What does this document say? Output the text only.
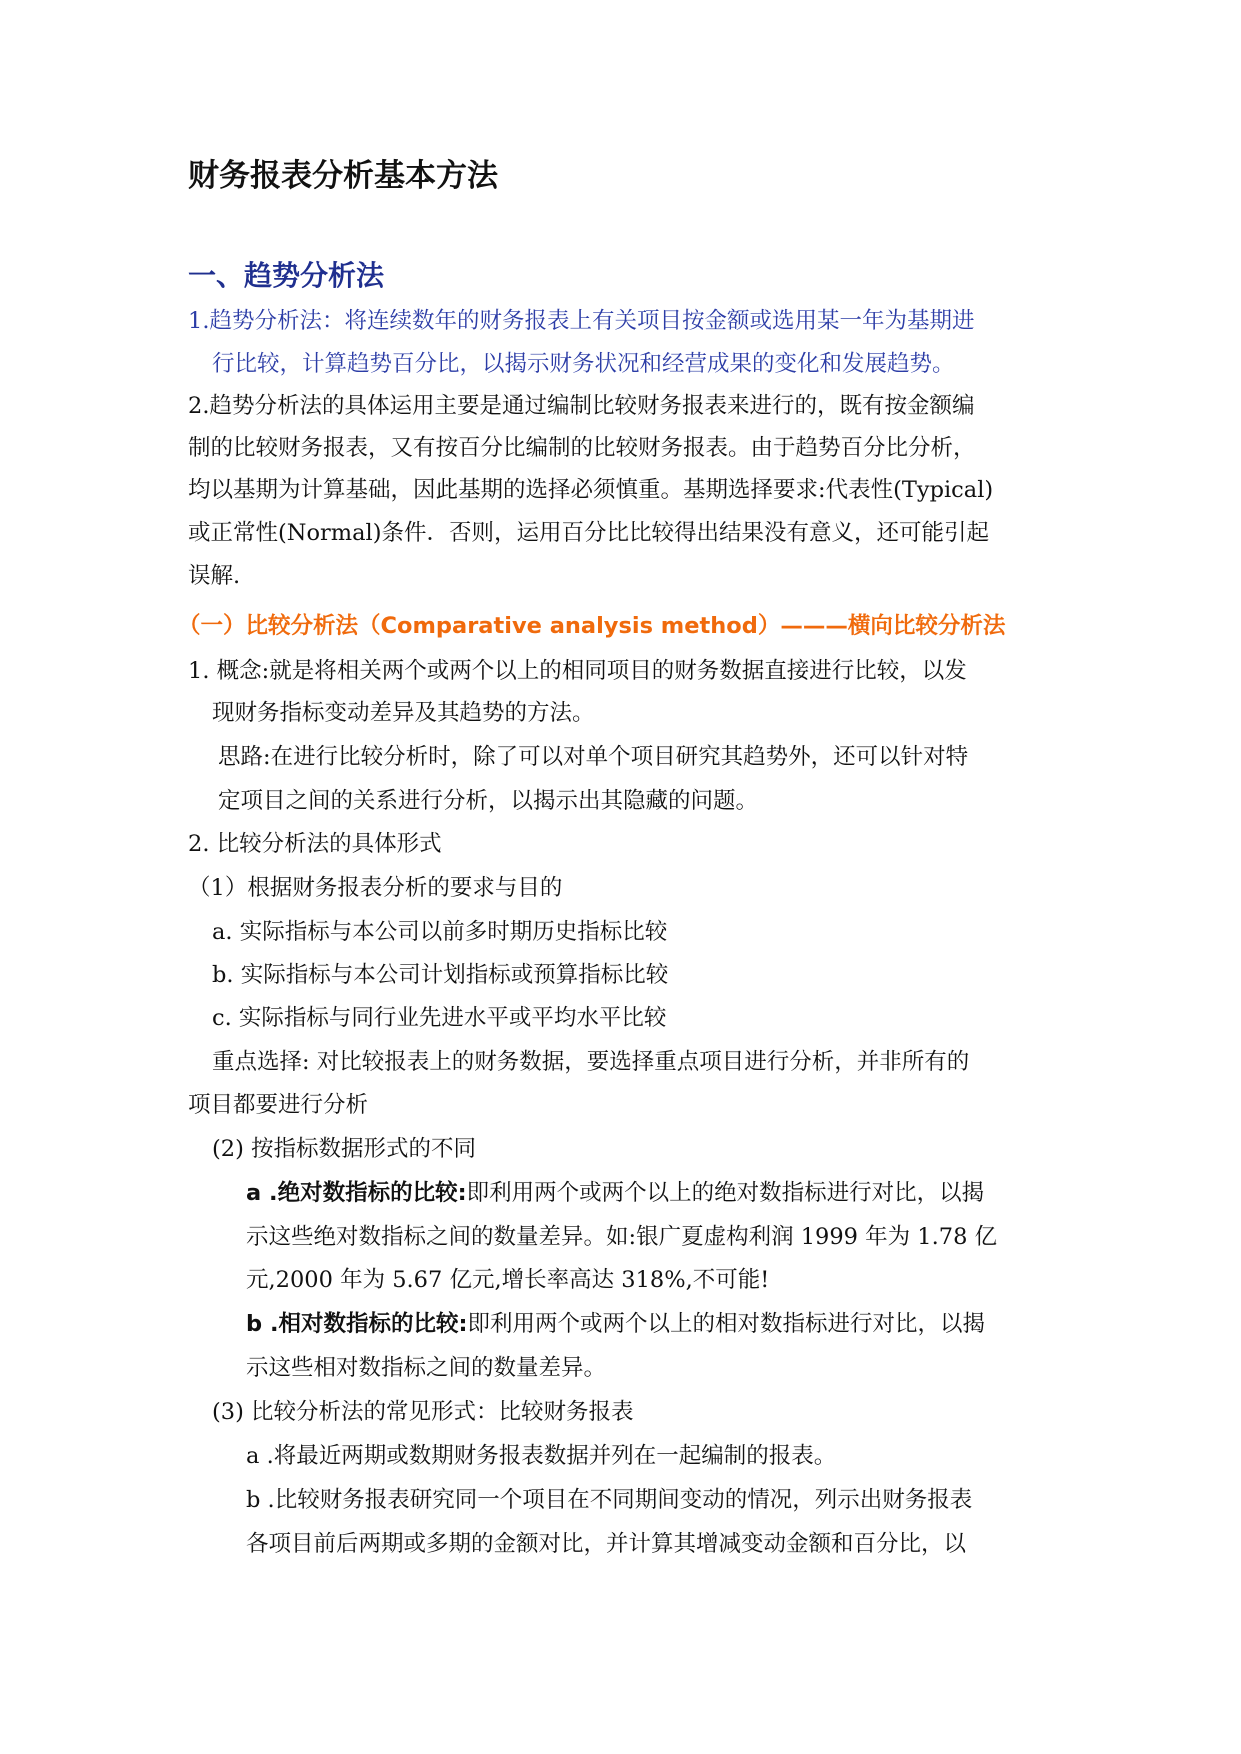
财务报表分析基本方法
一、趋势分析法
1.趋势分析法：将连续数年的财务报表上有关项目按金额或选用某一年为基期进
行比较，计算趋势百分比，以揭示财务状况和经营成果的变化和发展趋势。
2.趋势分析法的具体运用主要是通过编制比较财务报表来进行的，既有按金额编
制的比较财务报表，又有按百分比编制的比较财务报表。由于趋势百分比分析，
均以基期为计算基础，因此基期的选择必须慎重。基期选择要求:代表性(Typical)
或正常性(Normal)条件．否则，运用百分比比较得出结果没有意义，还可能引起
误解.
（一）比较分析法（Comparative analysis method）———横向比较分析法
1. 概念:就是将相关两个或两个以上的相同项目的财务数据直接进行比较，以发
现财务指标变动差异及其趋势的方法。
思路:在进行比较分析时，除了可以对单个项目研究其趋势外，还可以针对特
定项目之间的关系进行分析，以揭示出其隐藏的问题。
2. 比较分析法的具体形式
（1）根据财务报表分析的要求与目的
a. 实际指标与本公司以前多时期历史指标比较
b. 实际指标与本公司计划指标或预算指标比较
c. 实际指标与同行业先进水平或平均水平比较
重点选择: 对比较报表上的财务数据，要选择重点项目进行分析，并非所有的
项目都要进行分析
(2) 按指标数据形式的不同
a .绝对数指标的比较:即利用两个或两个以上的绝对数指标进行对比，以揭
示这些绝对数指标之间的数量差异。如:银广夏虚构利润 1999 年为 1.78 亿
元,2000 年为 5.67 亿元,增长率高达 318%,不可能!
b .相对数指标的比较:即利用两个或两个以上的相对数指标进行对比，以揭
示这些相对数指标之间的数量差异。
(3) 比较分析法的常见形式：比较财务报表
a .将最近两期或数期财务报表数据并列在一起编制的报表。
b .比较财务报表研究同一个项目在不同期间变动的情况，列示出财务报表
各项目前后两期或多期的金额对比，并计算其增减变动金额和百分比，以
